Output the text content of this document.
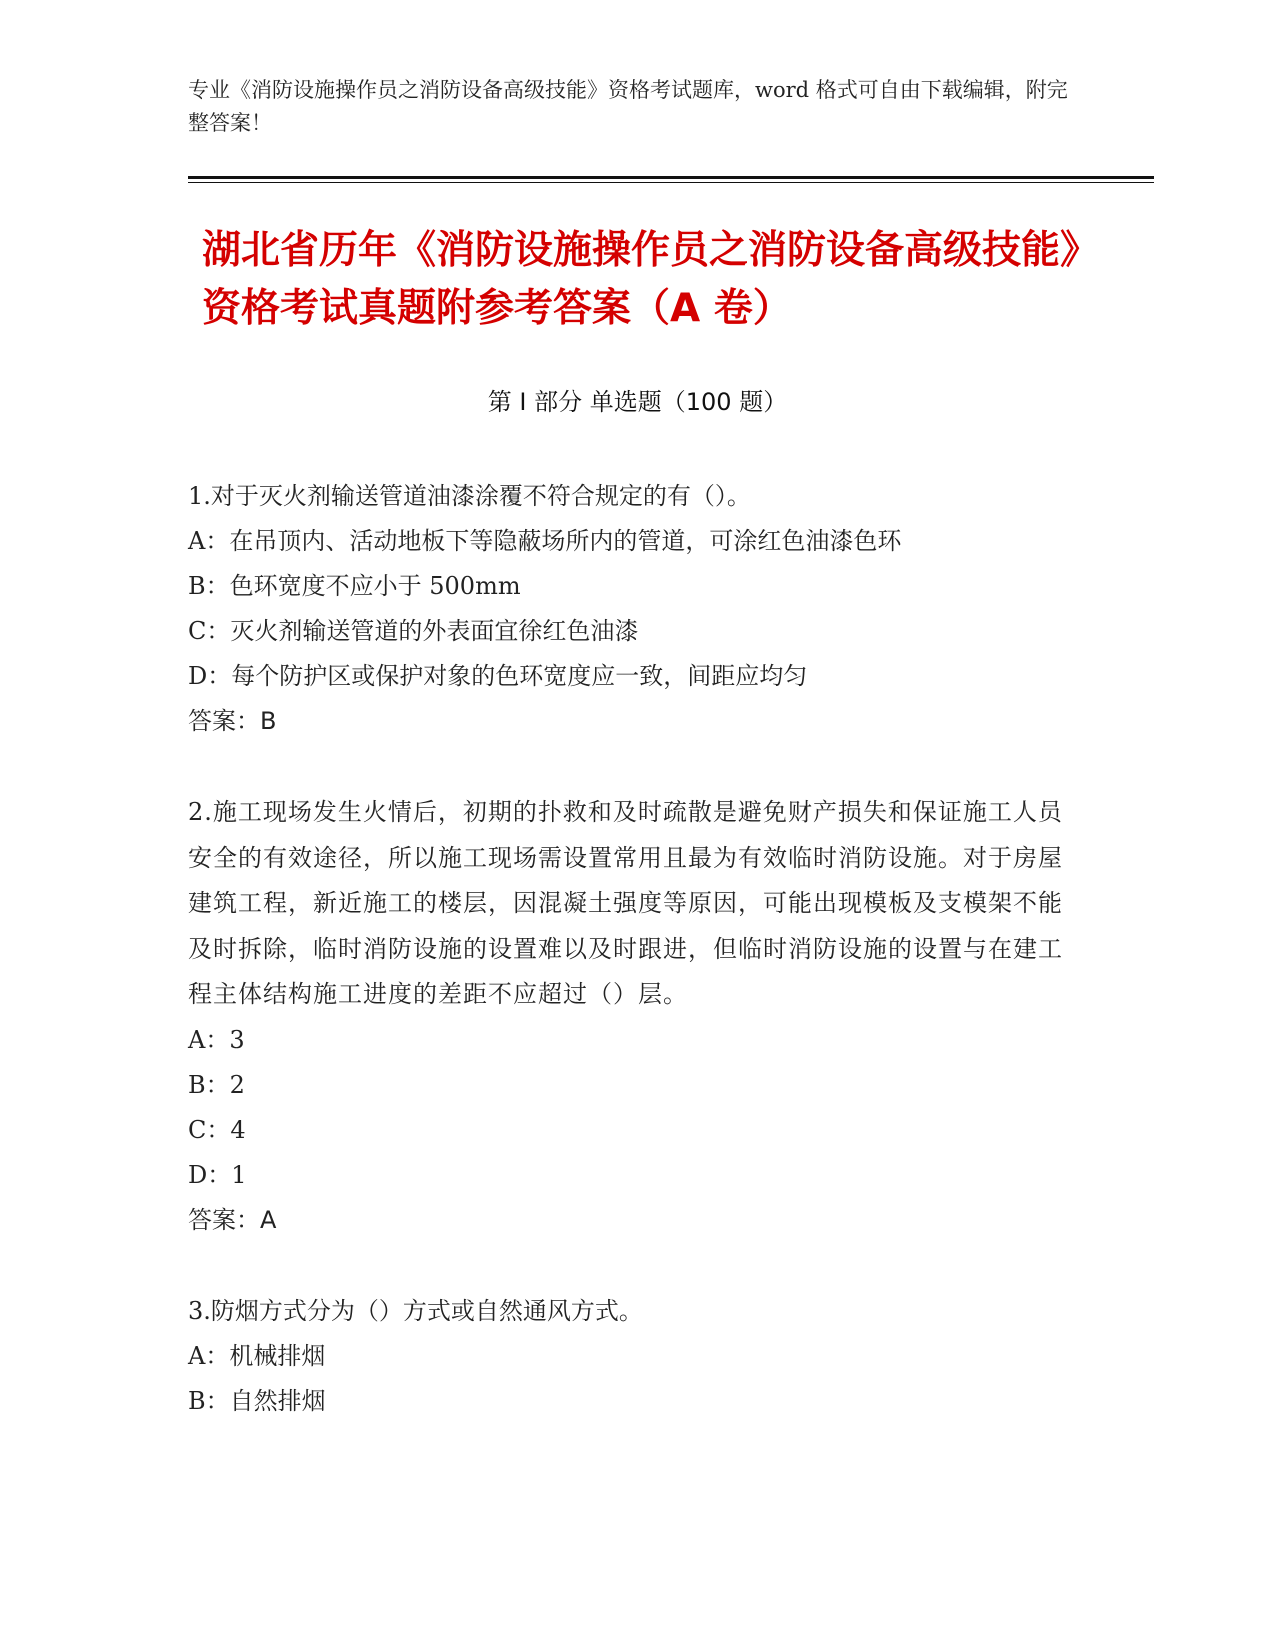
专业《消防设施操作员之消防设备高级技能》资格考试题库，word 格式可自由下载编辑，附完整答案！
湖北省历年《消防设施操作员之消防设备高级技能》资格考试真题附参考答案（A 卷）
第 I 部分 单选题（100 题）
1.对于灭火剂输送管道油漆涂覆不符合规定的有（）。
A：在吊顶内、活动地板下等隐蔽场所内的管道，可涂红色油漆色环
B：色环宽度不应小于 500mm
C：灭火剂输送管道的外表面宜徐红色油漆
D：每个防护区或保护对象的色环宽度应一致，间距应均匀
答案：B
2.施工现场发生火情后，初期的扑救和及时疏散是避免财产损失和保证施工人员安全的有效途径，所以施工现场需设置常用且最为有效临时消防设施。对于房屋建筑工程，新近施工的楼层，因混凝土强度等原因，可能出现模板及支模架不能及时拆除，临时消防设施的设置难以及时跟进，但临时消防设施的设置与在建工程主体结构施工进度的差距不应超过（）层。
A：3
B：2
C：4
D：1
答案：A
3.防烟方式分为（）方式或自然通风方式。
A：机械排烟
B：自然排烟
